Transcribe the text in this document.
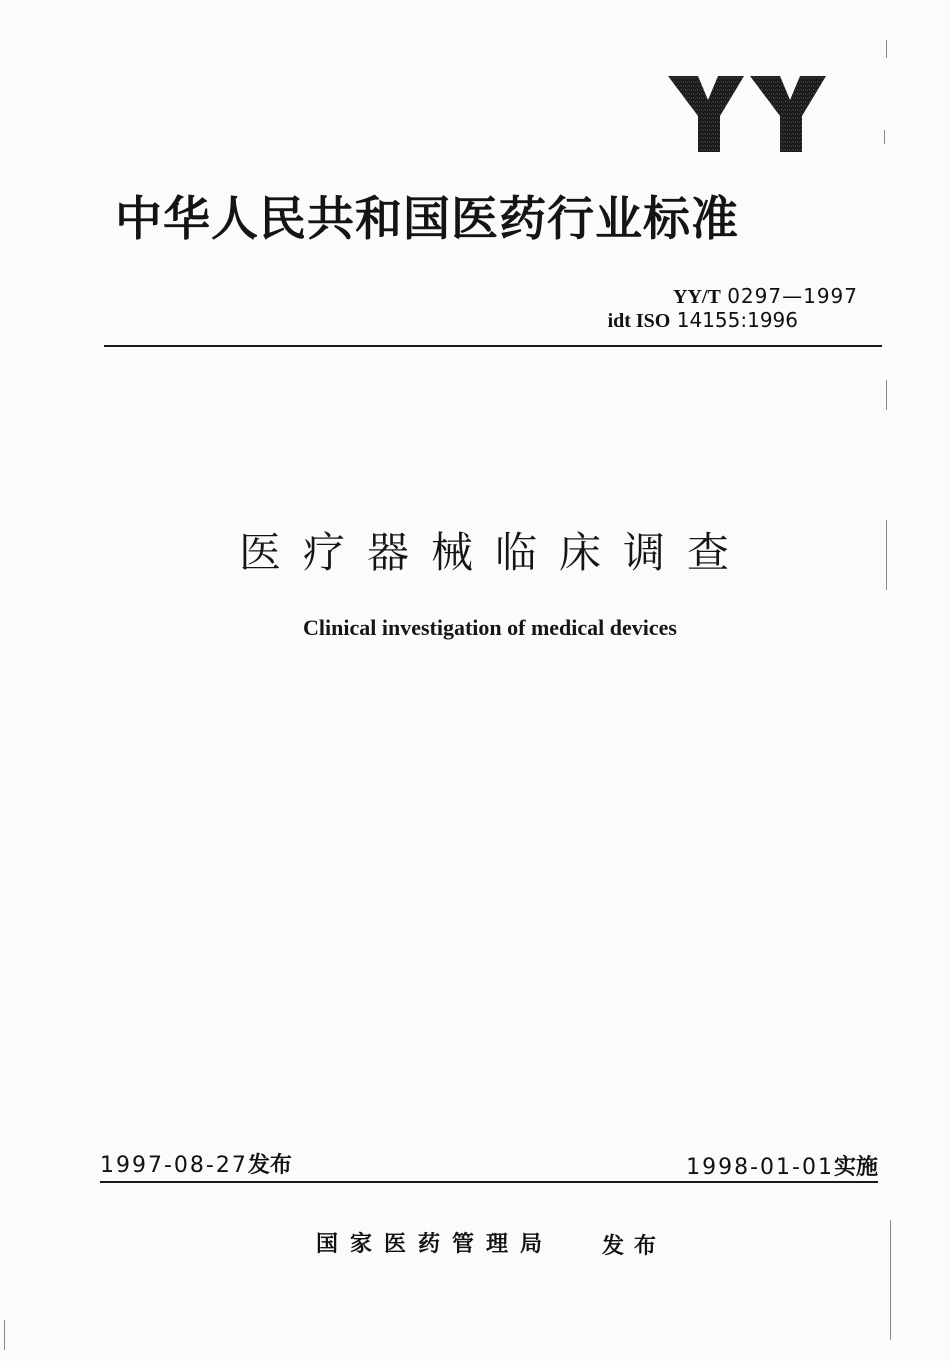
中华人民共和国医药行业标准
YY/T 0297—1997
idt ISO 14155:1996
医疗器械临床调查
Clinical investigation of medical devices
1997-08-27发布	1998-01-01实施
国家医药管理局 发布
